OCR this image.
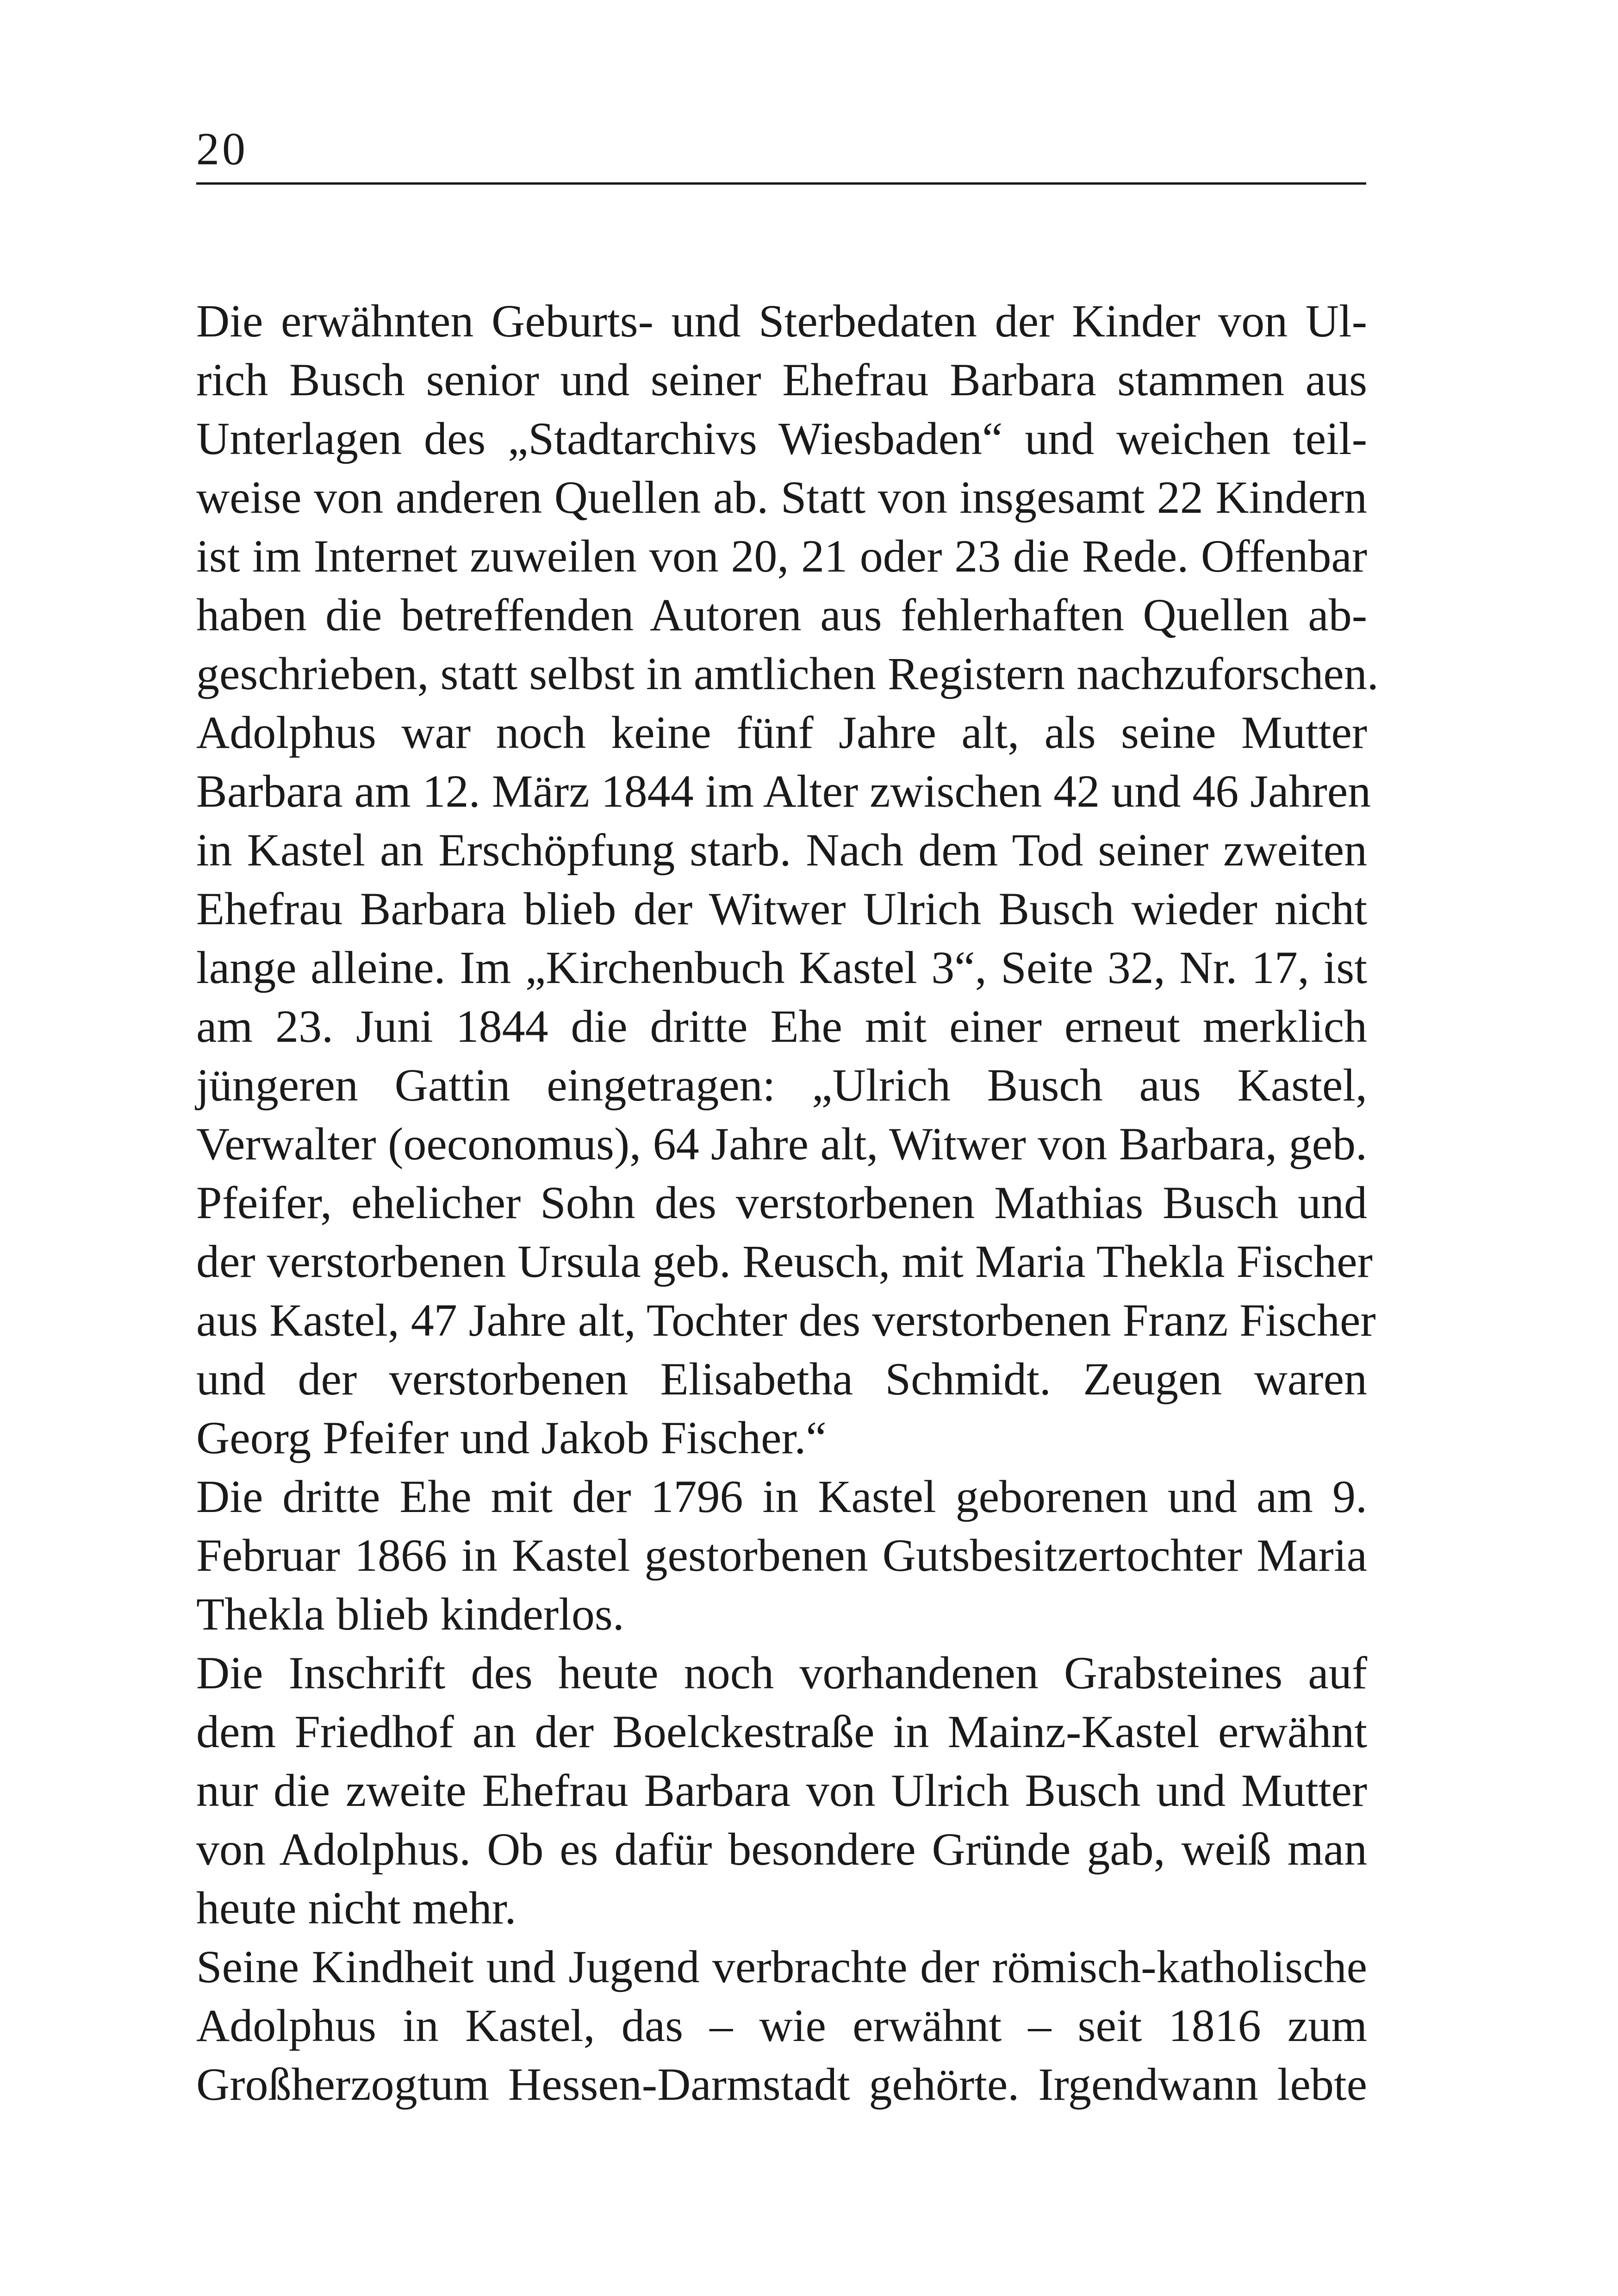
20
Die erwähnten Geburts- und Sterbedaten der Kinder von Ul-
rich Busch senior und seiner Ehefrau Barbara stammen aus
Unterlagen des „Stadtarchivs Wiesbaden“ und weichen teil-
weise von anderen Quellen ab. Statt von insgesamt 22 Kindern
ist im Internet zuweilen von 20, 21 oder 23 die Rede. Offenbar
haben die betreffenden Autoren aus fehlerhaften Quellen ab-
geschrieben, statt selbst in amtlichen Registern nachzuforschen.
Adolphus war noch keine fünf Jahre alt, als seine Mutter
Barbara am 12. März 1844 im Alter zwischen 42 und 46 Jahren
in Kastel an Erschöpfung starb. Nach dem Tod seiner zweiten
Ehefrau Barbara blieb der Witwer Ulrich Busch wieder nicht
lange alleine. Im „Kirchenbuch Kastel 3“, Seite 32, Nr. 17, ist
am 23. Juni 1844 die dritte Ehe mit einer erneut merklich
jüngeren Gattin eingetragen: „Ulrich Busch aus Kastel,
Verwalter (oeconomus), 64 Jahre alt, Witwer von Barbara, geb.
Pfeifer, ehelicher Sohn des verstorbenen Mathias Busch und
der verstorbenen Ursula geb. Reusch, mit Maria Thekla Fischer
aus Kastel, 47 Jahre alt, Tochter des verstorbenen Franz Fischer
und der verstorbenen Elisabetha Schmidt. Zeugen waren
Georg Pfeifer und Jakob Fischer.“
Die dritte Ehe mit der 1796 in Kastel geborenen und am 9.
Februar 1866 in Kastel gestorbenen Gutsbesitzertochter Maria
Thekla blieb kinderlos.
Die Inschrift des heute noch vorhandenen Grabsteines auf
dem Friedhof an der Boelckestraße in Mainz-Kastel erwähnt
nur die zweite Ehefrau Barbara von Ulrich Busch und Mutter
von Adolphus. Ob es dafür besondere Gründe gab, weiß man
heute nicht mehr.
Seine Kindheit und Jugend verbrachte der römisch-katholische
Adolphus in Kastel, das – wie erwähnt – seit 1816 zum
Großherzogtum Hessen-Darmstadt gehörte. Irgendwann lebte
